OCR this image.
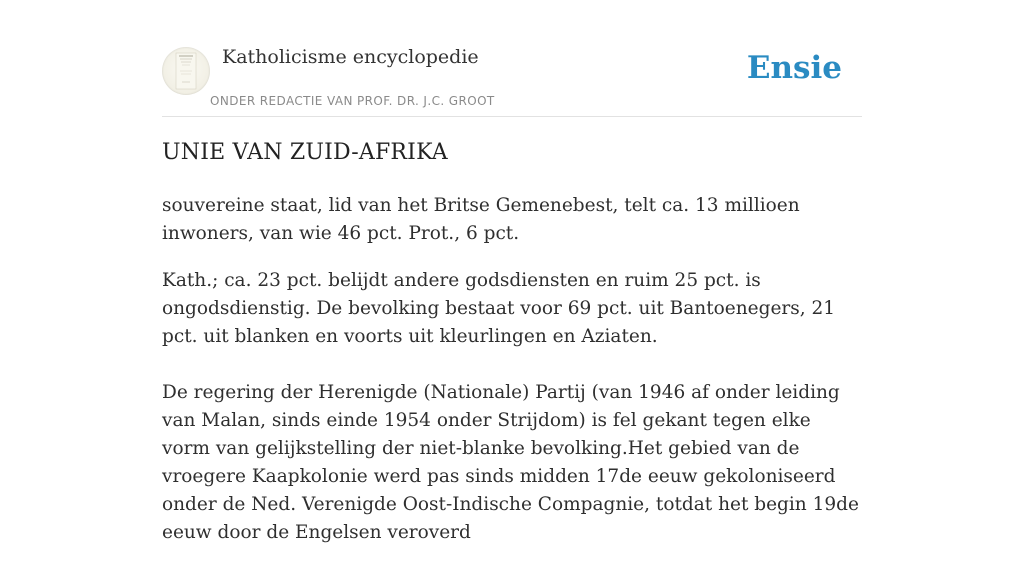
Katholicisme encyclopedie
ONDER REDACTIE VAN PROF. DR. J.C. GROOT
Ensie
UNIE VAN ZUID-AFRIKA

souvereine staat, lid van het Britse Gemenebest, telt ca. 13 millioen inwoners, van wie 46 pct. Prot., 6 pct.

Kath.; ca. 23 pct. belijdt andere godsdiensten en ruim 25 pct. is ongodsdienstig. De bevolking bestaat voor 69 pct. uit Bantoenegers, 21 pct. uit blanken en voorts uit kleurlingen en Aziaten.

De regering der Herenigde (Nationale) Partij (van 1946 af onder leiding van Malan, sinds einde 1954 onder Strijdom) is fel gekant tegen elke vorm van gelijkstelling der niet-blanke bevolking.Het gebied van de vroegere Kaapkolonie werd pas sinds midden 17de eeuw gekoloniseerd onder de Ned. Verenigde Oost-Indische Compagnie, totdat het begin 19de eeuw door de Engelsen veroverd
